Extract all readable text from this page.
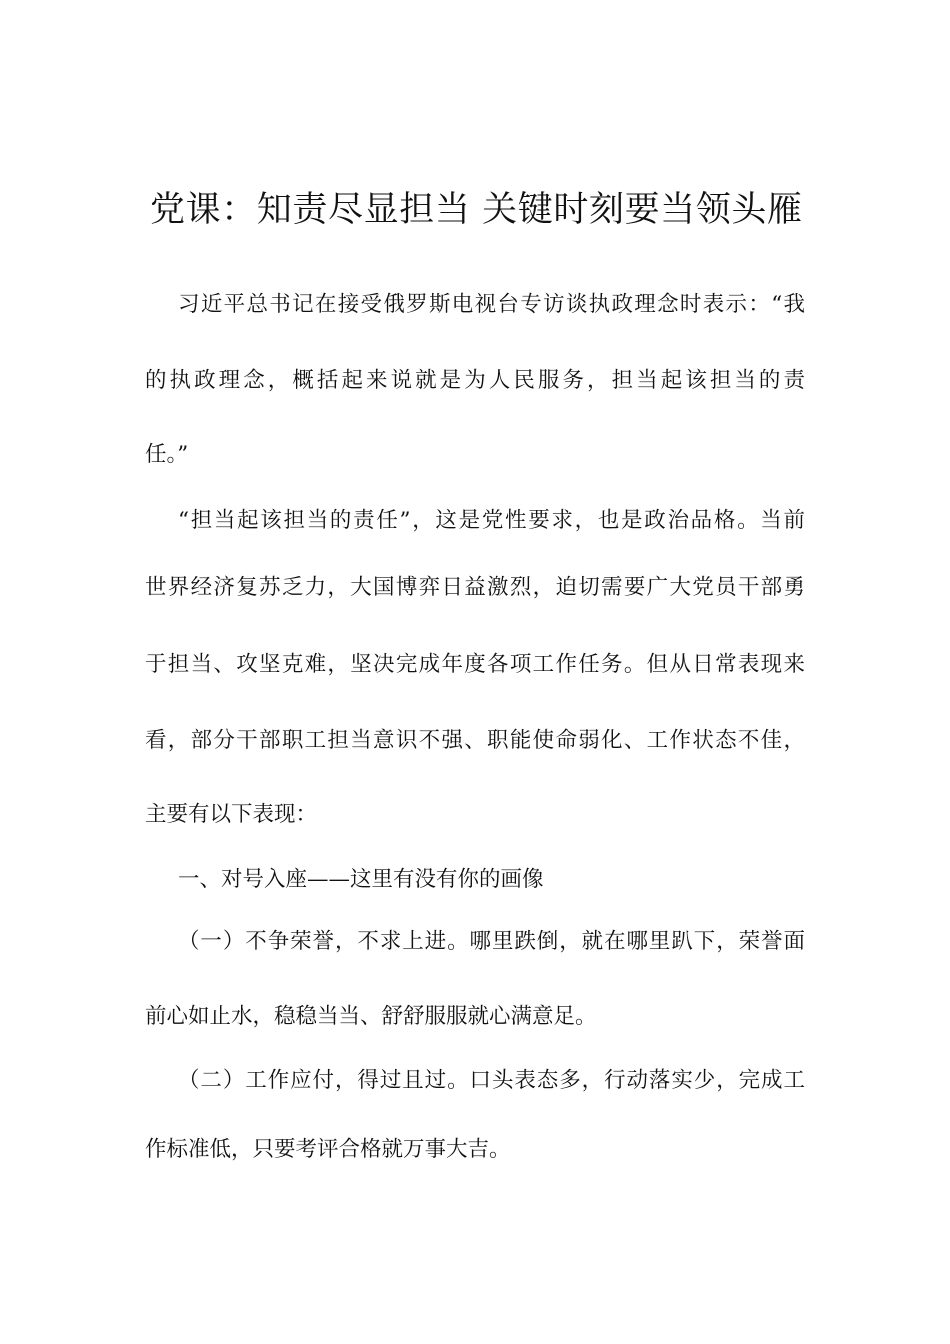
党课：知责尽显担当 关键时刻要当领头雁
习近平总书记在接受俄罗斯电视台专访谈执政理念时表示：“我
的执政理念，概括起来说就是为人民服务，担当起该担当的责
任。”
“担当起该担当的责任”，这是党性要求，也是政治品格。当前
世界经济复苏乏力，大国博弈日益激烈，迫切需要广大党员干部勇
于担当、攻坚克难，坚决完成年度各项工作任务。但从日常表现来
看，部分干部职工担当意识不强、职能使命弱化、工作状态不佳，
主要有以下表现：
一、对号入座——这里有没有你的画像
（一）不争荣誉，不求上进。哪里跌倒，就在哪里趴下，荣誉面
前心如止水，稳稳当当、舒舒服服就心满意足。
（二）工作应付，得过且过。口头表态多，行动落实少，完成工
作标准低，只要考评合格就万事大吉。
